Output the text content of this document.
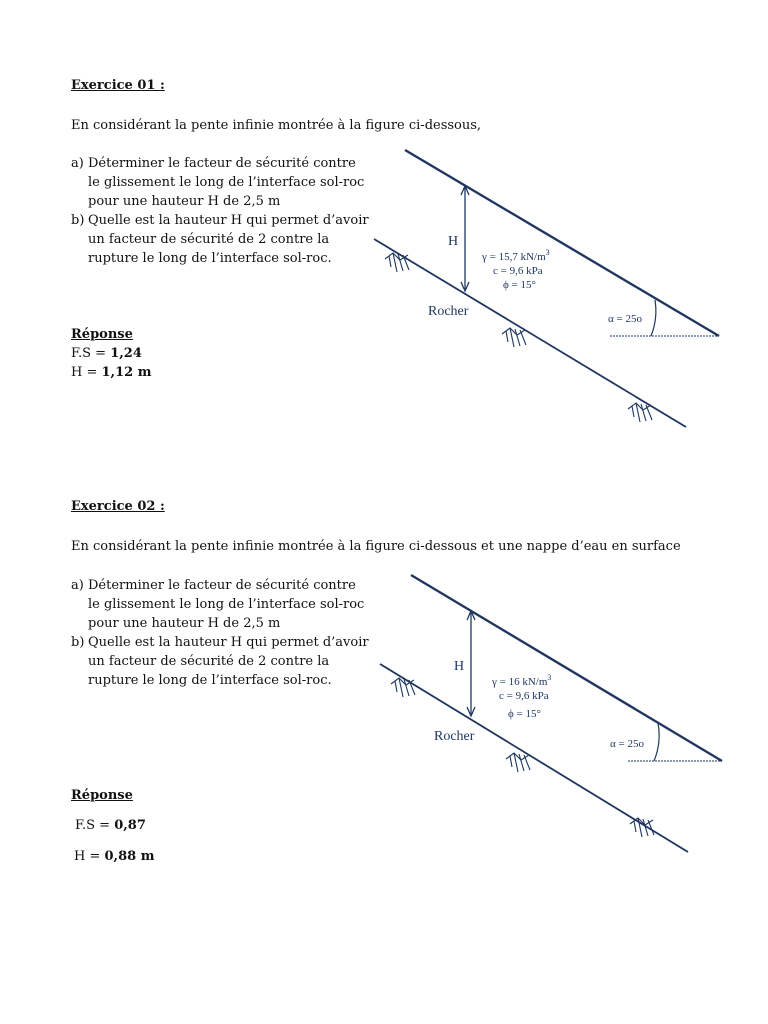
Exercice 01 :
En considérant la pente infinie montrée à la figure ci-dessous,
a) Déterminer le facteur de sécurité contre
le glissement le long de l’interface sol-roc
pour une hauteur H de 2,5 m
b) Quelle est la hauteur H qui permet d’avoir
un facteur de sécurité de 2 contre la
rupture le long de l’interface sol-roc.
Réponse
F.S = 1,24
H = 1,12 m
H
γ = 15,7 $kN/m^3$
c = 9,6 kPa
ϕ = 15°
Rocher	α = 25o
Exercice 02 :
En considérant la pente infinie montrée à la figure ci-dessous et une nappe d’eau en surface
a) Déterminer le facteur de sécurité contre
le glissement le long de l’interface sol-roc
pour une hauteur H de 2,5 m
b) Quelle est la hauteur H qui permet d’avoir
un facteur de sécurité de 2 contre la
rupture le long de l’interface sol-roc.
Réponse
F.S = 0,87
H = 0,88 m
H
γ = 16 $kN/m^3$
c = 9,6 kPa
ϕ = 15°
Rocher	α = 25o
